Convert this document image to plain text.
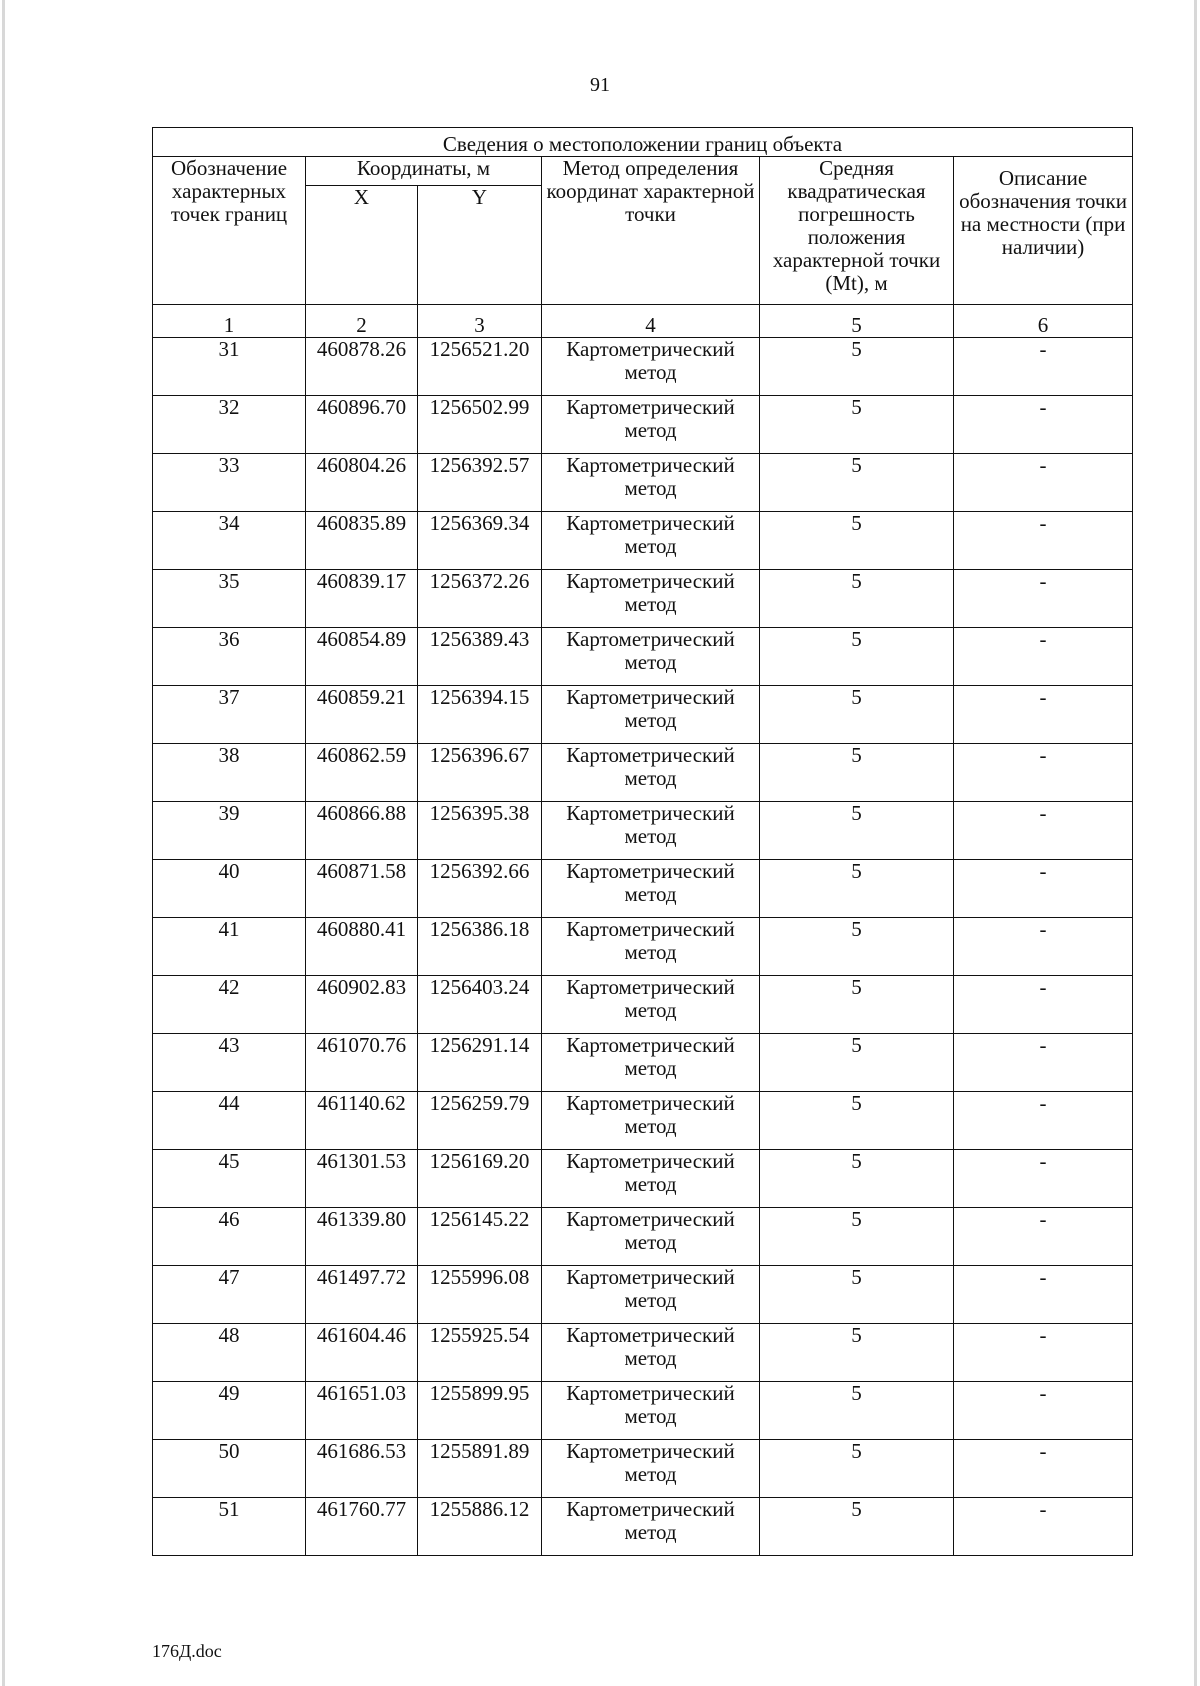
91
Сведения о местоположении границ объекта					
Обозначение характерных точек границ	Координаты, м		Метод определения координат характерной точки	Средняя квадратическая погрешность положения характерной точки (Mt), м	Описание обозначения точки на местности (при наличии)
	X	Y			
1	2	3	4	5	6
31	460878.26	1256521.20	Картометрический метод	5	-
32	460896.70	1256502.99	Картометрический метод	5	-
33	460804.26	1256392.57	Картометрический метод	5	-
34	460835.89	1256369.34	Картометрический метод	5	-
35	460839.17	1256372.26	Картометрический метод	5	-
36	460854.89	1256389.43	Картометрический метод	5	-
37	460859.21	1256394.15	Картометрический метод	5	-
38	460862.59	1256396.67	Картометрический метод	5	-
39	460866.88	1256395.38	Картометрический метод	5	-
40	460871.58	1256392.66	Картометрический метод	5	-
41	460880.41	1256386.18	Картометрический метод	5	-
42	460902.83	1256403.24	Картометрический метод	5	-
43	461070.76	1256291.14	Картометрический метод	5	-
44	461140.62	1256259.79	Картометрический метод	5	-
45	461301.53	1256169.20	Картометрический метод	5	-
46	461339.80	1256145.22	Картометрический метод	5	-
47	461497.72	1255996.08	Картометрический метод	5	-
48	461604.46	1255925.54	Картометрический метод	5	-
49	461651.03	1255899.95	Картометрический метод	5	-
50	461686.53	1255891.89	Картометрический метод	5	-
51	461760.77	1255886.12	Картометрический метод	5	-
176Д.doc
